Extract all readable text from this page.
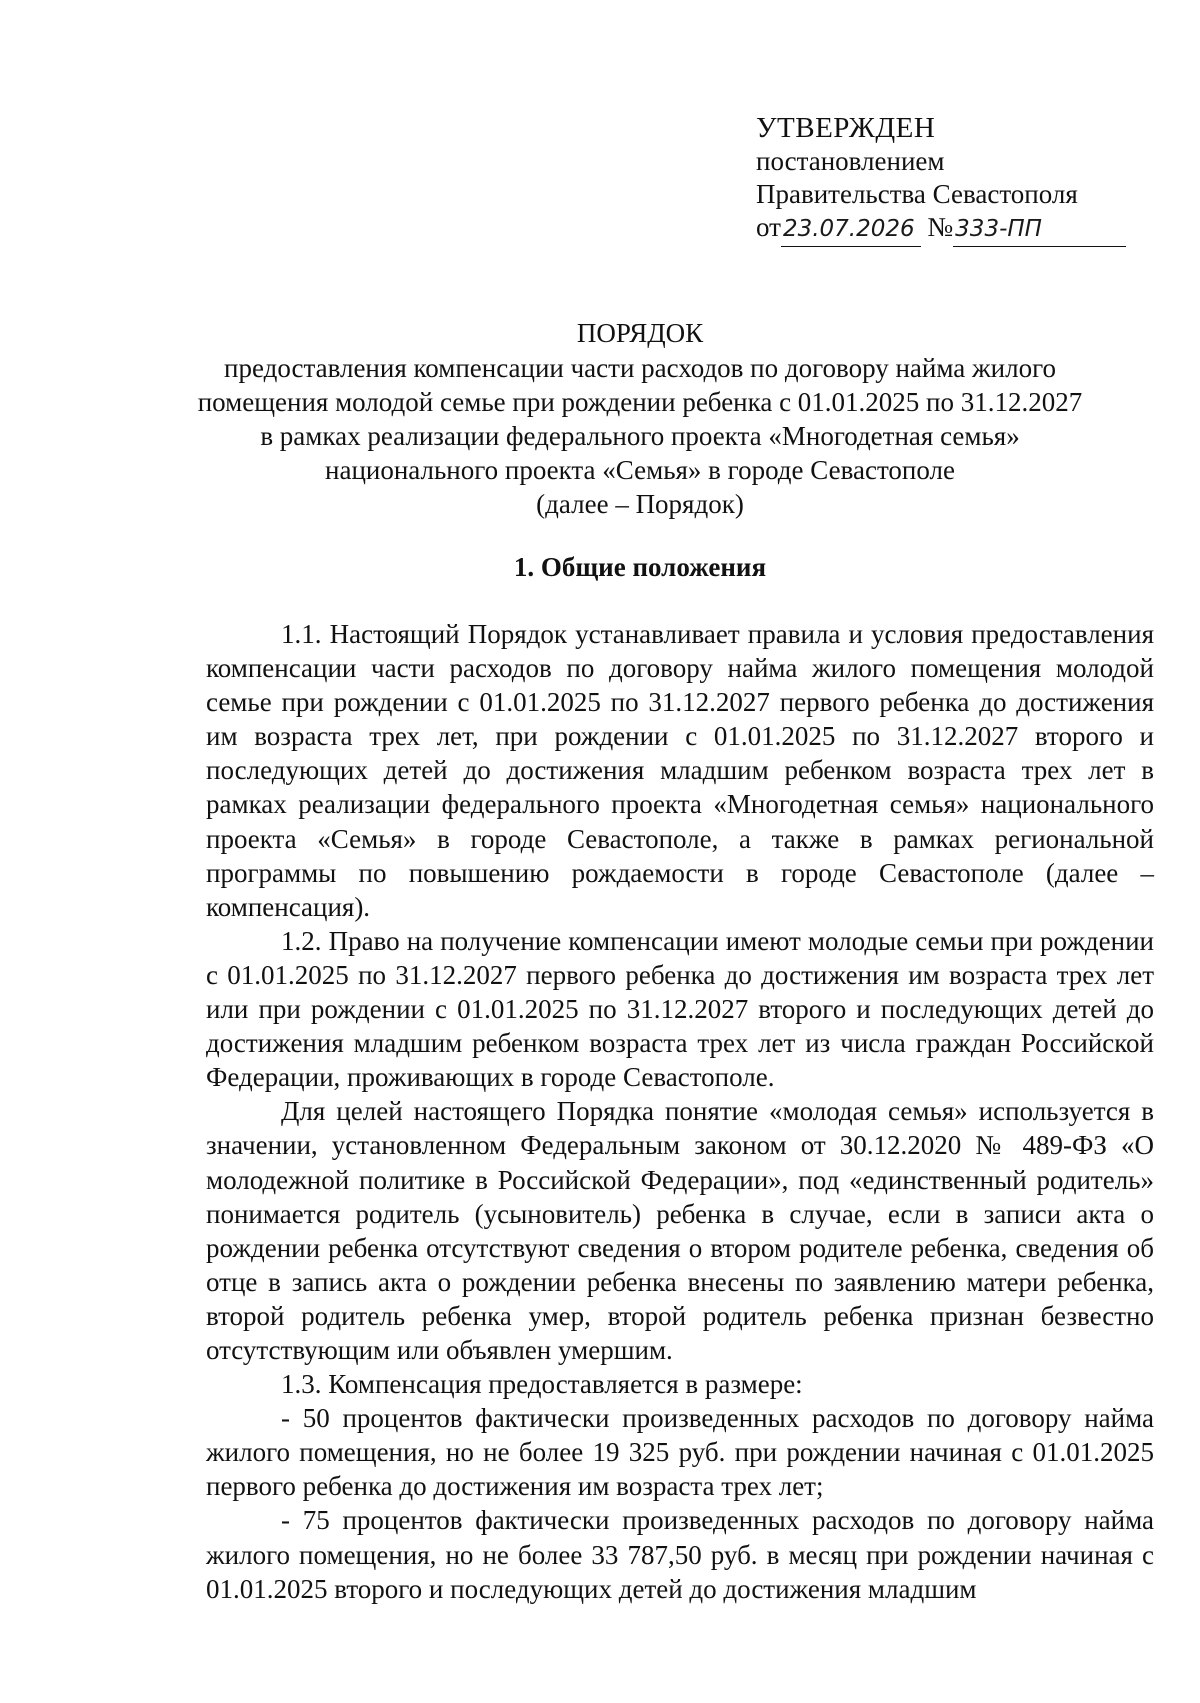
УТВЕРЖДЕН
постановлением
Правительства Севастополя
от23.07.2026 №333-ПП
ПОРЯДОК
предоставления компенсации части расходов по договору найма жилого
помещения молодой семье при рождении ребенка с 01.01.2025 по 31.12.2027
в рамках реализации федерального проекта «Многодетная семья»
национального проекта «Семья» в городе Севастополе
(далее – Порядок)
1. Общие положения

1.1. Настоящий Порядок устанавливает правила и условия предоставления компенсации части расходов по договору найма жилого помещения молодой семье при рождении с 01.01.2025 по 31.12.2027 первого ребенка до достижения им возраста трех лет, при рождении с 01.01.2025 по 31.12.2027 второго и последующих детей до достижения младшим ребенком возраста трех лет в рамках реализации федерального проекта «Многодетная семья» национального проекта «Семья» в городе Севастополе, а также в рамках региональной программы по повышению рождаемости в городе Севастополе (далее – компенсация).

1.2. Право на получение компенсации имеют молодые семьи при рождении с 01.01.2025 по 31.12.2027 первого ребенка до достижения им возраста трех лет или при рождении с 01.01.2025 по 31.12.2027 второго и последующих детей до достижения младшим ребенком возраста трех лет из числа граждан Российской Федерации, проживающих в городе Севастополе.

Для целей настоящего Порядка понятие «молодая семья» используется в значении, установленном Федеральным законом от 30.12.2020 № 489-ФЗ «О молодежной политике в Российской Федерации», под «единственный родитель» понимается родитель (усыновитель) ребенка в случае, если в записи акта о рождении ребенка отсутствуют сведения о втором родителе ребенка, сведения об отце в запись акта о рождении ребенка внесены по заявлению матери ребенка, второй родитель ребенка умер, второй родитель ребенка признан безвестно отсутствующим или объявлен умершим.

1.3. Компенсация предоставляется в размере:

- 50 процентов фактически произведенных расходов по договору найма жилого помещения, но не более 19 325 руб. при рождении начиная с 01.01.2025 первого ребенка до достижения им возраста трех лет;

- 75 процентов фактически произведенных расходов по договору найма жилого помещения, но не более 33 787,50 руб. в месяц при рождении начиная с 01.01.2025 второго и последующих детей до достижения младшим
